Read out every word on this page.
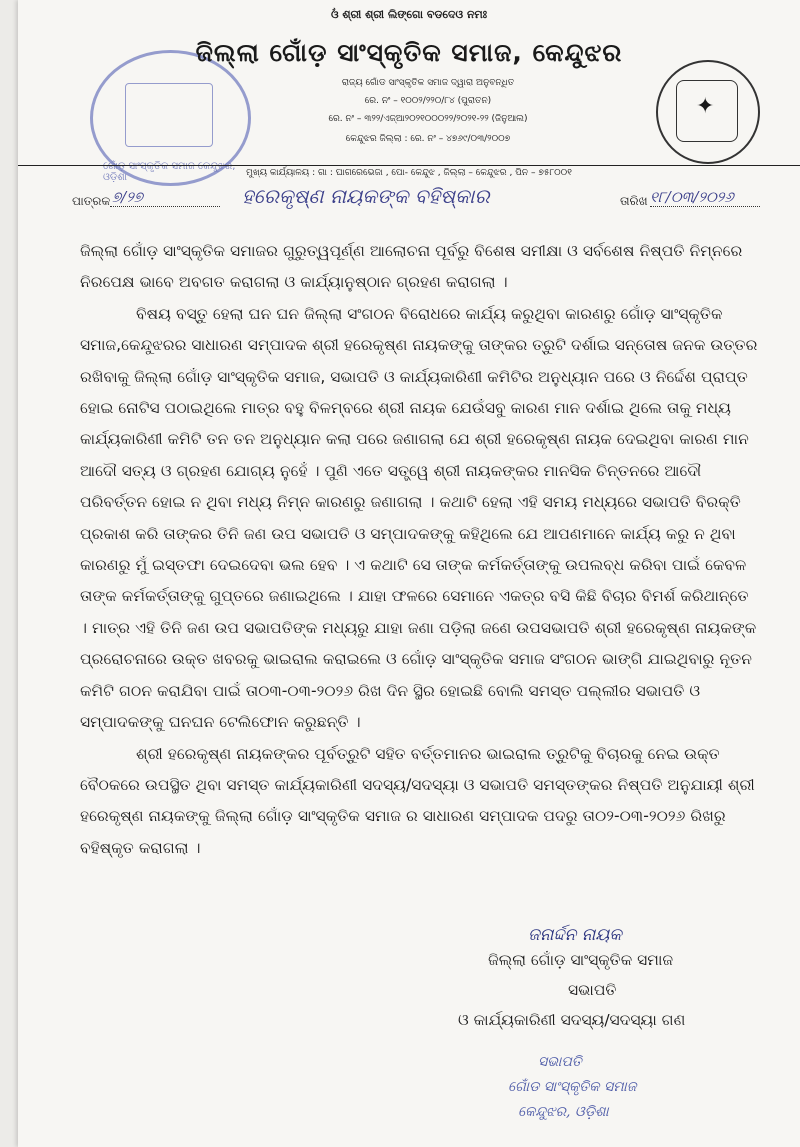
ଓଁ ଶ୍ରୀ ଶ୍ରୀ ଲିଙ୍ଗୋ ବଡଦେଓ ନମଃ
ଗୋଁଡ଼ ସାଂସ୍କୃତିକ ସମାଜ କେନ୍ଦୁଝର, ଓଡ଼ିଶା
ଜିଲ୍ଲା ଗୋଁଡ଼ ସାଂସ୍କୃତିକ ସମାଜ, କେନ୍ଦୁଝର
ରାଜ୍ୟ ଗୋଁଡ ସାଂସ୍କୃତିକ ସମାଜ ଦ୍ୱାରା ଅନୁବନ୍ଧିତ
ରେ. ନଂ – ୧୦୦୨/୨୨୦/୮୪ (ପୁରାତନ)
ରେ. ନଂ – ୩୨୨/ଏଜ୍ଆ୨୦୨୧୦୦୦୨୨/୨୦୨୧-୨୨ (ଜିନୁଆଲ)
କେନ୍ଦୁଝର ଜିଲ୍ଲା : ରେ. ନଂ – ୪୭୬୯/୦୩/୨୦୦୭
✦
ମୁଖ୍ୟ କାର୍ଯ୍ୟାଳୟ : ଗା : ଘାଗରେଭେଜା , ପୋ- କେନ୍ଦୁଝ , ଜିଲ୍ଲା – କେନ୍ଦୁଝର , ପିନ – ୭୫୮୦୦୧
ପାତ୍ରକ ୭/୨୭	ହରେକୃଷ୍ଣ ନାୟକଙ୍କ ବହିଷ୍କାର	ତାରିଖ ୧୮/୦୩/୨୦୨୬

ଜିଲ୍ଲା ଗୋଁଡ଼ ସାଂସ୍କୃତିକ ସମାଜର ଗୁରୁତ୍ୱପୂର୍ଣ୍ଣ ଆଲୋଚନା ପୂର୍ବରୁ ବିଶେଷ ସମୀକ୍ଷା ଓ ସର୍ବଶେଷ ନିଷ୍ପତି ନିମ୍ନରେ ନିରପେକ୍ଷ ଭାବେ ଅବଗତ କରାଗଲା ଓ କାର୍ଯ୍ୟାନୁଷ୍ଠାନ ଗ୍ରହଣ କରାଗଲା ।

ବିଷୟ ବସ୍ତୁ ହେଲା ଘନ ଘନ ଜିଲ୍ଲା ସଂଗଠନ ବିରୋଧରେ କାର୍ଯ୍ୟ କରୁଥିବା କାରଣରୁ ଗୋଁଡ଼ ସାଂସ୍କୃତିକ ସମାଜ,କେନ୍ଦୁଝରର ସାଧାରଣ ସମ୍ପାଦକ ଶ୍ରୀ ହରେକୃଷ୍ଣ ନାୟକଙ୍କୁ ତାଙ୍କର ତ୍ରୁଟି ଦର୍ଶାଇ ସନ୍ତୋଷ ଜନକ ଉତ୍ତର ରଖିବାକୁ ଜିଲ୍ଲା ଗୋଁଡ଼ ସାଂସ୍କୃତିକ ସମାଜ, ସଭାପତି ଓ କାର୍ଯ୍ୟକାରିଣୀ କମିଟିର ଅନୁଧ୍ୟାନ ପରେ ଓ ନିର୍ଦ୍ଦେଶ ପ୍ରାପ୍ତ ହୋଇ ନୋଟିସ ପଠାଇଥିଲେ ମାତ୍ର ବହୁ ବିଳମ୍ବରେ ଶ୍ରୀ ନାୟକ ଯେଉଁସବୁ କାରଣ ମାନ ଦର୍ଶାଇ ଥିଲେ ତାକୁ ମଧ୍ୟ କାର୍ଯ୍ୟକାରିଣୀ କମିଟି ତନ ତନ ଅନୁଧ୍ୟାନ କଲା ପରେ ଜଣାଗଲା ଯେ ଶ୍ରୀ ହରେକୃଷ୍ଣ ନାୟକ ଦେଇଥିବା କାରଣ ମାନ ଆଦୌ ସତ୍ୟ ଓ ଗ୍ରହଣ ଯୋଗ୍ୟ ନୁହେଁ । ପୁଣି ଏତେ ସତ୍ତ୍ୱେ ଶ୍ରୀ ନାୟକଙ୍କର ମାନସିକ ଚିନ୍ତନରେ ଆଦୌ ପରିବର୍ତ୍ତନ ହୋଇ ନ ଥିବା ମଧ୍ୟ ନିମ୍ନ କାରଣରୁ ଜଣାଗଲା । କଥାଟି ହେଲା ଏହି ସମୟ ମଧ୍ୟରେ ସଭାପତି ବିରକ୍ତି ପ୍ରକାଶ କରି ତାଙ୍କର ତିନି ଜଣ ଉପ ସଭାପତି ଓ ସମ୍ପାଦକଙ୍କୁ କହିଥିଲେ ଯେ ଆପଣମାନେ କାର୍ଯ୍ୟ କରୁ ନ ଥିବା କାରଣରୁ ମୁଁ ଇସ୍ତଫା ଦେଇଦେବା ଭଲ ହେବ । ଏ କଥାଟି ସେ ତାଙ୍କ କର୍ମକର୍ତ୍ତାଙ୍କୁ ଉପଲବ୍ଧ କରିବା ପାଇଁ କେବଳ ତାଙ୍କ କର୍ମକର୍ତ୍ତାଙ୍କୁ ଗୁପ୍ତରେ ଜଣାଇଥିଲେ । ଯାହା ଫଳରେ ସେମାନେ ଏକତ୍ର ବସି କିଛି ବିଚାର ବିମର୍ଶ କରିଥାନ୍ତେ । ମାତ୍ର ଏହି ତିନି ଜଣ ଉପ ସଭାପତିଙ୍କ ମଧ୍ୟରୁ ଯାହା ଜଣା ପଡ଼ିଲା ଜଣେ ଉପସଭାପତି ଶ୍ରୀ ହରେକୃଷ୍ଣ ନାୟକଙ୍କ ପ୍ରରୋଚନାରେ ଉକ୍ତ ଖବରକୁ ଭାଇରାଲ କରାଇଲେ ଓ ଗୋଁଡ଼ ସାଂସ୍କୃତିକ ସମାଜ ସଂଗଠନ ଭାଙ୍ଗି ଯାଇଥିବାରୁ ନୂତନ କମିଟି ଗଠନ କରାଯିବା ପାଇଁ ତା୦୩-୦୩-୨୦୨୬ ରିଖ ଦିନ ସ୍ଥିର ହୋଇଛି ବୋଲି ସମସ୍ତ ପଲ୍ଲୀର ସଭାପତି ଓ ସମ୍ପାଦକଙ୍କୁ ଘନଘନ ଟେଲିଫୋନ କରୁଛନ୍ତି ।

ଶ୍ରୀ ହରେକୃଷ୍ଣ ନାୟକଙ୍କର ପୂର୍ବତ୍ରୁଟି ସହିତ ବର୍ତ୍ତମାନର ଭାଇରାଲ ତ୍ରୁଟିକୁ ବିଚାରକୁ ନେଇ ଉକ୍ତ ବୈଠକରେ ଉପସ୍ଥିତ ଥିବା ସମସ୍ତ କାର୍ଯ୍ୟକାରିଣୀ ସଦସ୍ୟ/ସଦସ୍ୟା ଓ ସଭାପତି ସମସ୍ତଙ୍କର ନିଷ୍ପତି ଅନୁଯାୟୀ ଶ୍ରୀ ହରେକୃଷ୍ଣ ନାୟକଙ୍କୁ ଜିଲ୍ଲା ଗୋଁଡ଼ ସାଂସ୍କୃତିକ ସମାଜ ର ସାଧାରଣ ସମ୍ପାଦକ ପଦରୁ ତା୦୨-୦୩-୨୦୨୬ ରିଖରୁ ବହିଷ୍କୃତ କରାଗଲା ।

ଜନାର୍ଦ୍ଦନ ନାୟକ
ଜିଲ୍ଲା ଗୋଁଡ଼ ସାଂସ୍କୃତିକ ସମାଜ
ସଭାପତି
ଓ କାର୍ଯ୍ୟକାରିଣୀ ସଦସ୍ୟ/ସଦସ୍ୟା ଗଣ
ସଭାପତି
ଗୋଁଡ ସାଂସ୍କୃତିକ ସମାଜ
କେନ୍ଦୁଝର, ଓଡ଼ିଶା
